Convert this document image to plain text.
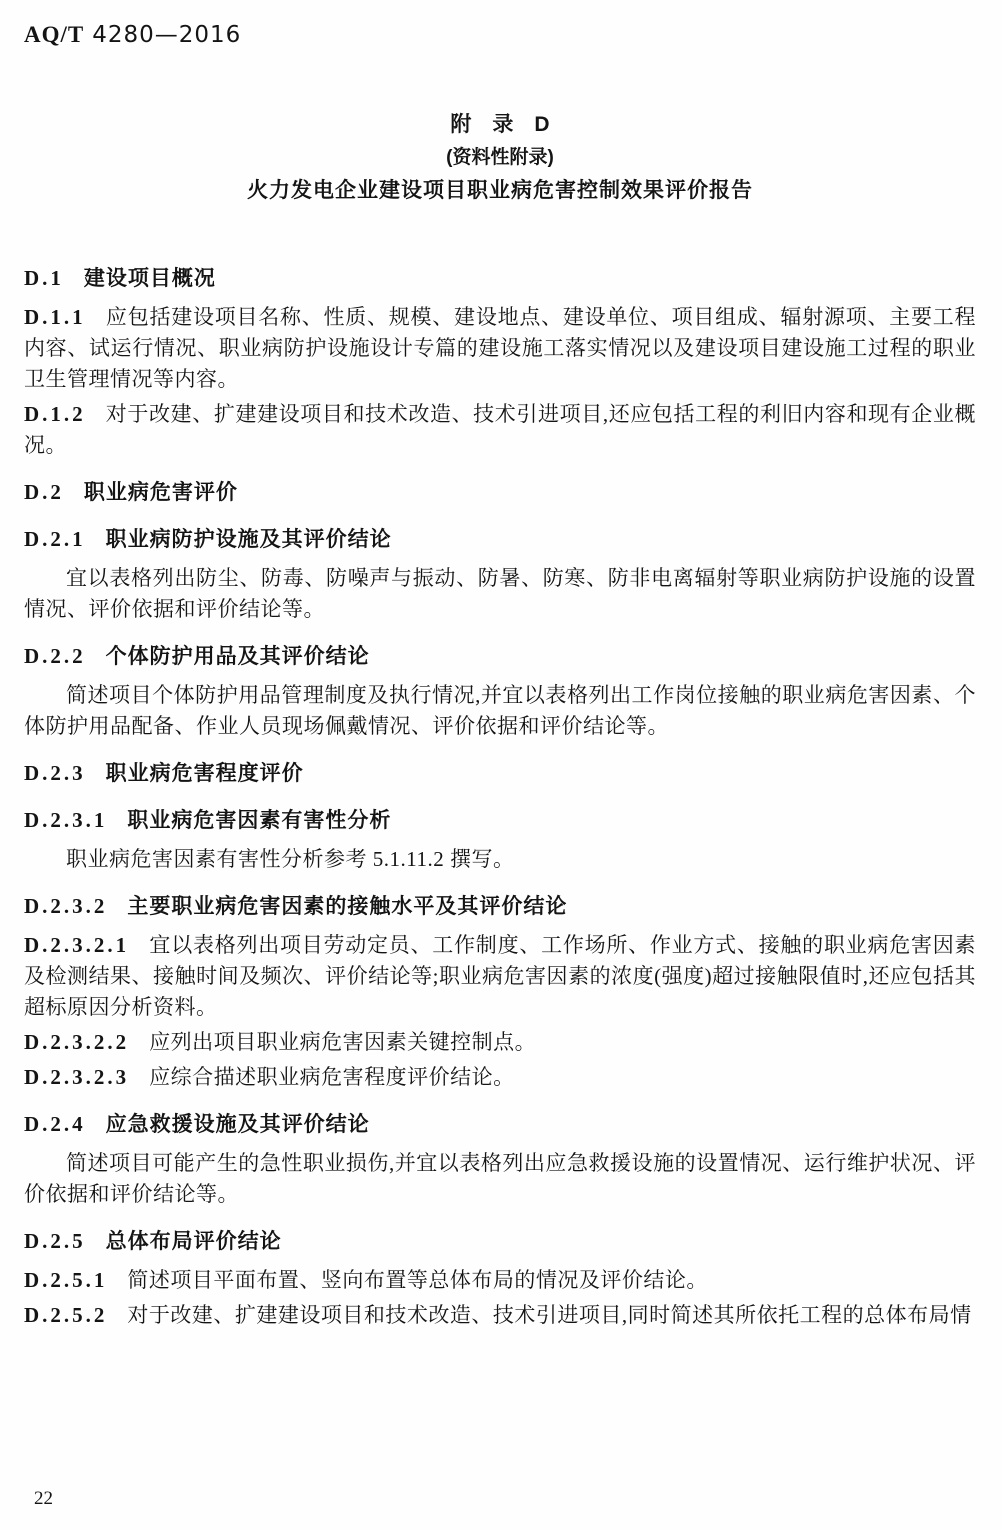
AQ/T 4280—2016
附　录　D
(资料性附录)
火力发电企业建设项目职业病危害控制效果评价报告
D.1 建设项目概况

D.1.1 应包括建设项目名称、性质、规模、建设地点、建设单位、项目组成、辐射源项、主要工程内容、试运行情况、职业病防护设施设计专篇的建设施工落实情况以及建设项目建设施工过程的职业卫生管理情况等内容。

D.1.2 对于改建、扩建建设项目和技术改造、技术引进项目,还应包括工程的利旧内容和现有企业概况。

D.2 职业病危害评价
D.2.1 职业病防护设施及其评价结论

宜以表格列出防尘、防毒、防噪声与振动、防暑、防寒、防非电离辐射等职业病防护设施的设置情况、评价依据和评价结论等。

D.2.2 个体防护用品及其评价结论

简述项目个体防护用品管理制度及执行情况,并宜以表格列出工作岗位接触的职业病危害因素、个体防护用品配备、作业人员现场佩戴情况、评价依据和评价结论等。

D.2.3 职业病危害程度评价
D.2.3.1 职业病危害因素有害性分析

职业病危害因素有害性分析参考 5.1.11.2 撰写。

D.2.3.2 主要职业病危害因素的接触水平及其评价结论

D.2.3.2.1 宜以表格列出项目劳动定员、工作制度、工作场所、作业方式、接触的职业病危害因素及检测结果、接触时间及频次、评价结论等;职业病危害因素的浓度(强度)超过接触限值时,还应包括其超标原因分析资料。

D.2.3.2.2 应列出项目职业病危害因素关键控制点。

D.2.3.2.3 应综合描述职业病危害程度评价结论。

D.2.4 应急救援设施及其评价结论

简述项目可能产生的急性职业损伤,并宜以表格列出应急救援设施的设置情况、运行维护状况、评价依据和评价结论等。

D.2.5 总体布局评价结论

D.2.5.1 简述项目平面布置、竖向布置等总体布局的情况及评价结论。

D.2.5.2 对于改建、扩建建设项目和技术改造、技术引进项目,同时简述其所依托工程的总体布局情

22
